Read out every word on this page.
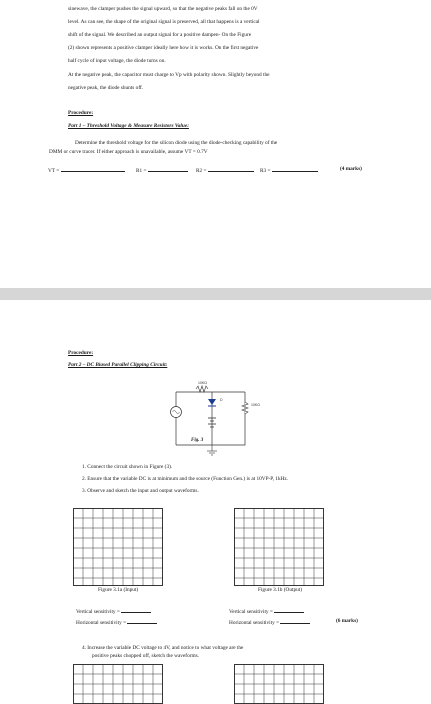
sinewave, the clamper pushes the signal upward, so that the negative peaks fall on the 0V
level. As can see, the shape of the original signal is preserved, all that happens is a vertical
shift of the signal. We described an output signal for a positive dampen- On the Figure
(2) shown represents a positive clamper ideally here how it is works. On the first negative
half cycle of input voltage, the diode turns on.
At the negative peak, the capacitor must charge to Vp with polarity shown. Slightly beyond the
negative peak, the diode shunts off.
Procedure:
Part 1 – Threshold Voltage & Measure Resistors Value:
Determine the threshold voltage for the silicon diode using the diode-checking capability of the
DMM or curve tracer. If either approach is unavailable, assume VT = 0.7V
VT =	R1 =	R2 =	R3 =	(4 marks)
Procedure:
Part 2 – DC Biased Parallel Clipping Circuit:
10KΩ
D
10KΩ
Fig. 3
1. Connect the circuit shown in Figure (3).
2. Ensure that the variable DC is at minimum and the source (Function Gen.) is at 10VP-P, 1kHz.
3. Observe and sketch the input and output waveforms.
Figure 3.1a (Input)	Figure 3.1b (Output)
Vertical sensitivity =
Horizontal sensitivity =
Vertical sensitivity =
Horizontal sensitivity =	(6 marks)
4. Increase the variable DC voltage to 4V, and notice to what voltage are the
positive peaks chopped off, sketch the waveforms.
